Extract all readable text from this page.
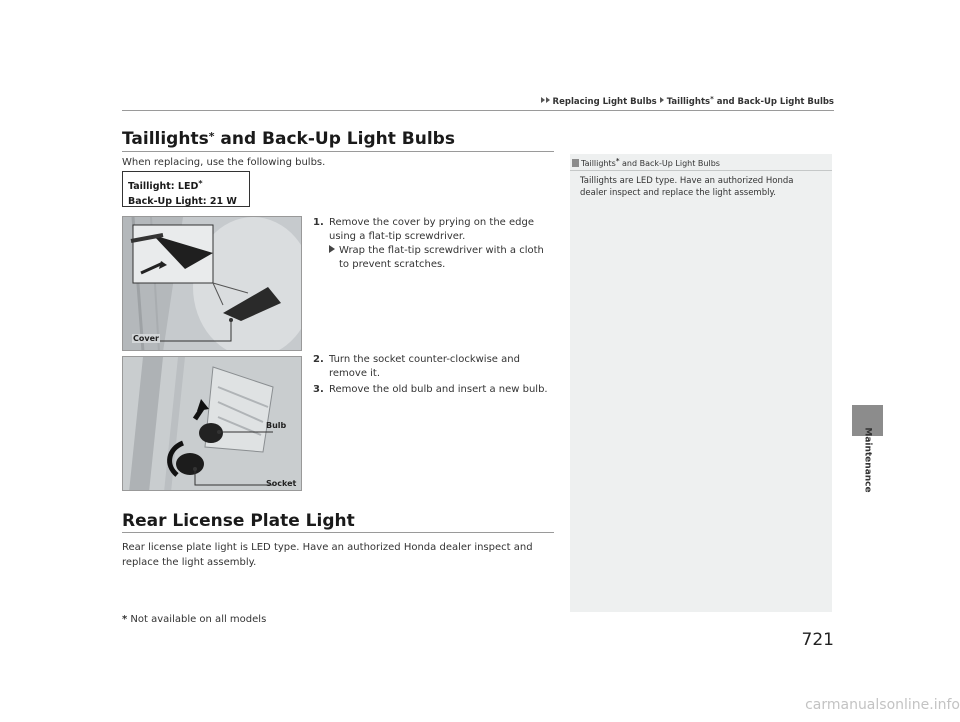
Replacing Light Bulbs Taillights* and Back-Up Light Bulbs
Maintenance
Taillights* and Back-Up Light Bulbs
When replacing, use the following bulbs.
Taillight: LED*
Back-Up Light: 21 W
Cover
1. Remove the cover by prying on the edge
using a flat-tip screwdriver.
Wrap the flat-tip screwdriver with a cloth
to prevent scratches.
Bulb
Socket
2. Turn the socket counter-clockwise and
remove it.
3. Remove the old bulb and insert a new bulb.
Rear License Plate Light
Rear license plate light is LED type. Have an authorized Honda dealer inspect and
replace the light assembly.
Taillights* and Back-Up Light Bulbs
Taillights are LED type. Have an authorized Honda
dealer inspect and replace the light assembly.
* Not available on all models
721
carmanualsonline.info
